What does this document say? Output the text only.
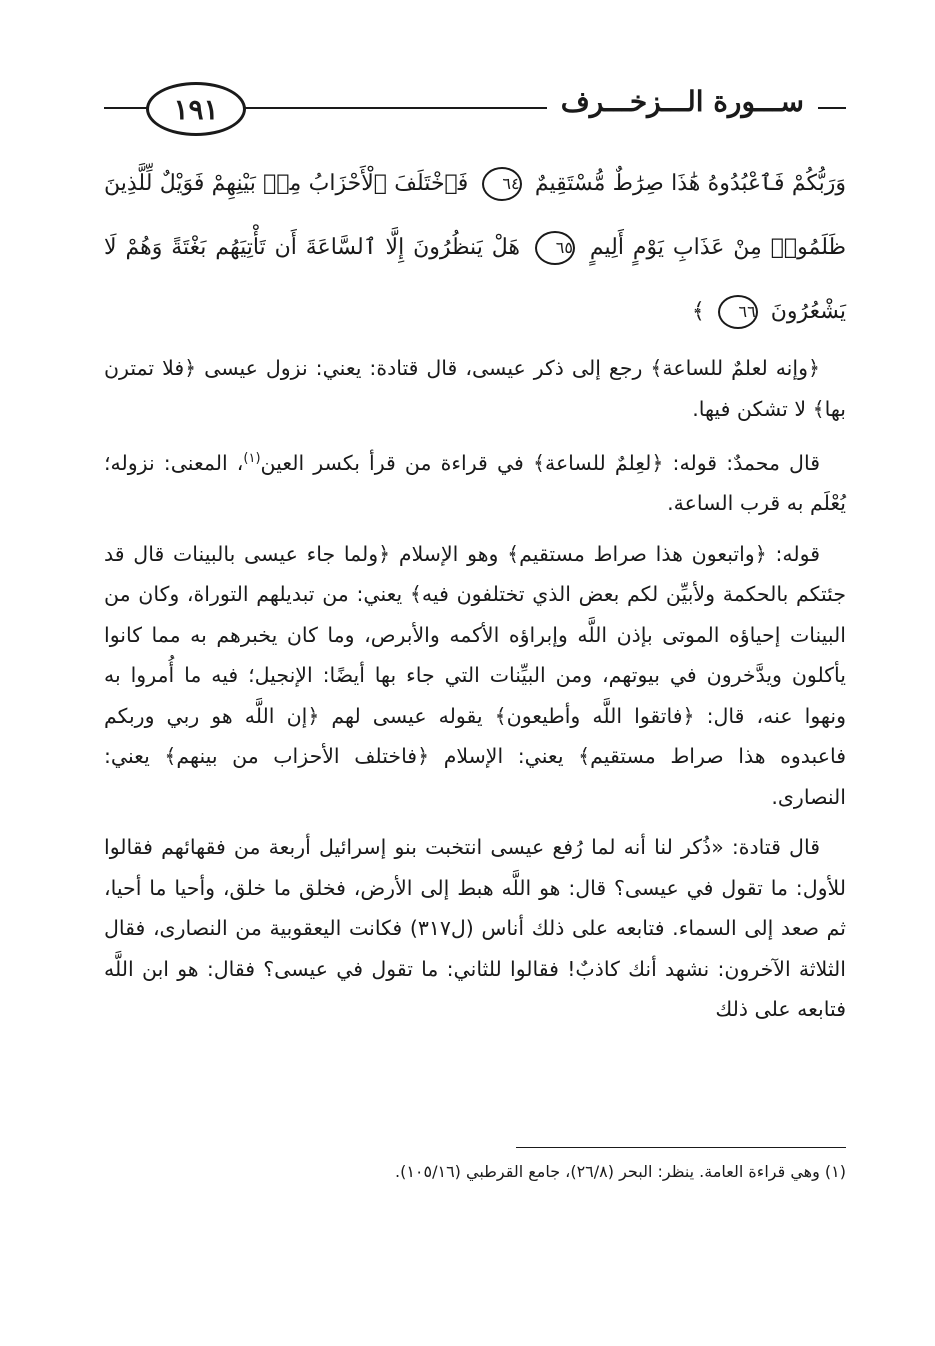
١٩١	ســـورة الـــزخـــرف

وَرَبُّكُمْ فَٱعْبُدُوهُ هَٰذَا صِرَٰطٌ مُّسْتَقِيمٌ ٦٤ فَٱخْتَلَفَ ٱلْأَحْزَابُ مِنۢ بَيْنِهِمْ فَوَيْلٌ لِّلَّذِينَ ظَلَمُوا۟ مِنْ عَذَابِ يَوْمٍ أَلِيمٍ ٦٥ هَلْ يَنظُرُونَ إِلَّا ٱلسَّاعَةَ أَن تَأْتِيَهُم بَغْتَةً وَهُمْ لَا يَشْعُرُونَ ٦٦ ﴾

﴿وإنه لعلمٌ للساعة﴾ رجع إلى ذكر عيسى، قال قتادة: يعني: نزول عيسى ﴿فلا تمترن بها﴾ لا تشكن فيها.

قال محمدٌ: قوله: ﴿لعِلمٌ للساعة﴾ في قراءة من قرأ بكسر العين$^{(١)}$، المعنى: نزوله؛ يُعْلَم به قرب الساعة.

قوله: ﴿واتبعون هذا صراط مستقيم﴾ وهو الإسلام ﴿ولما جاء عيسى بالبينات قال قد جئتكم بالحكمة ولأبيِّن لكم بعض الذي تختلفون فيه﴾ يعني: من تبديلهم التوراة، وكان من البينات إحياؤه الموتى بإذن اللَّه وإبراؤه الأكمه والأبرص، وما كان يخبرهم به مما كانوا يأكلون ويدَّخرون في بيوتهم، ومن البيِّنات التي جاء بها أيضًا: الإنجيل؛ فيه ما أُمروا به ونهوا عنه، قال: ﴿فاتقوا اللَّه وأطيعون﴾ يقوله عيسى لهم ﴿إن اللَّه هو ربي وربكم فاعبدوه هذا صراط مستقيم﴾ يعني: الإسلام ﴿فاختلف الأحزاب من بينهم﴾ يعني: النصارى.

قال قتادة: «ذُكر لنا أنه لما رُفع عيسى انتخبت بنو إسرائيل أربعة من فقهائهم فقالوا للأول: ما تقول في عيسى؟ قال: هو اللَّه هبط إلى الأرض، فخلق ما خلق، وأحيا ما أحيا، ثم صعد إلى السماء. فتابعه على ذلك أناس (ل٣١٧) فكانت اليعقوبية من النصارى، فقال الثلاثة الآخرون: نشهد أنك كاذبٌ! فقالوا للثاني: ما تقول في عيسى؟ فقال: هو ابن اللَّه فتابعه على ذلك

(١) وهي قراءة العامة. ينظر: البحر (٢٦/٨)، جامع القرطبي (١٠٥/١٦).
